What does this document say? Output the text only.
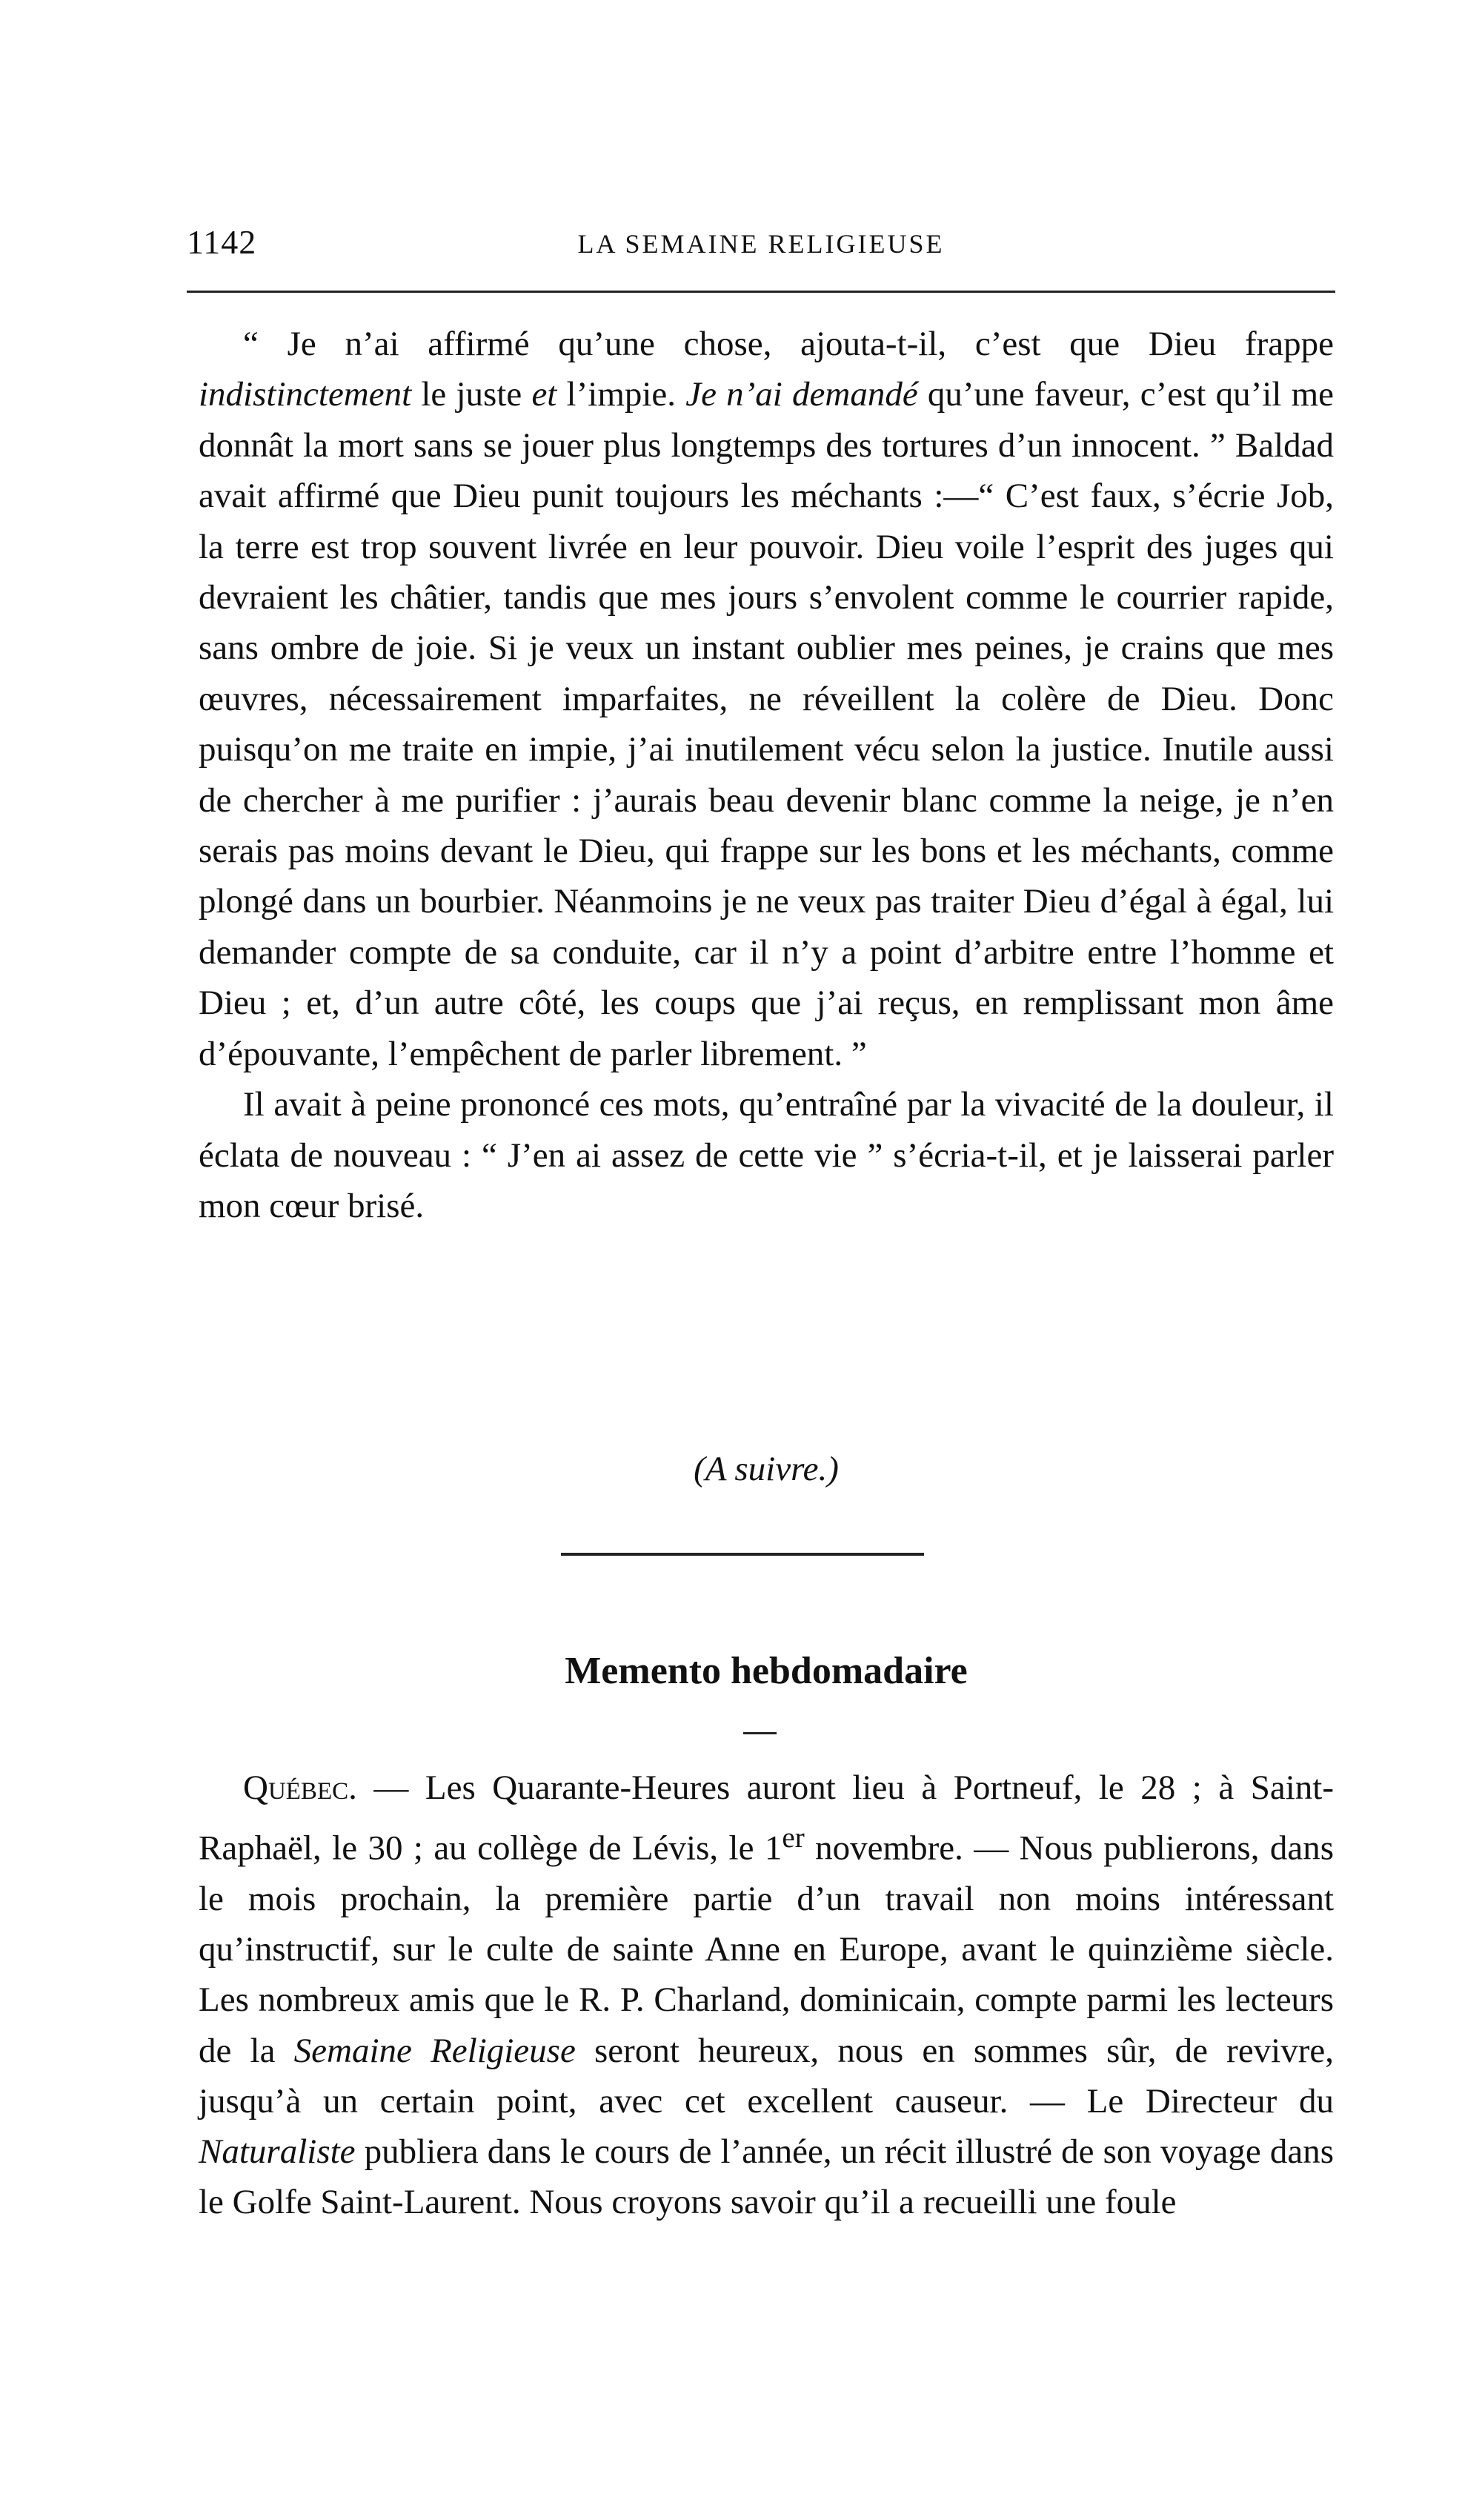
1142	LA SEMAINE RELIGIEUSE

“ Je n’ai affirmé qu’une chose, ajouta-t-il, c’est que Dieu frappe indistinctement le juste et l’impie. Je n’ai demandé qu’une faveur, c’est qu’il me donnât la mort sans se jouer plus longtemps des tortures d’un innocent. ” Baldad avait affirmé que Dieu punit toujours les méchants :—“ C’est faux, s’écrie Job, la terre est trop souvent livrée en leur pouvoir. Dieu voile l’esprit des juges qui devraient les châtier, tandis que mes jours s’envolent comme le courrier rapide, sans ombre de joie. Si je veux un instant oublier mes peines, je crains que mes œuvres, nécessairement imparfaites, ne réveillent la colère de Dieu. Donc puisqu’on me traite en impie, j’ai inutilement vécu selon la justice. Inutile aussi de chercher à me purifier : j’aurais beau devenir blanc comme la neige, je n’en serais pas moins devant le Dieu, qui frappe sur les bons et les méchants, comme plongé dans un bourbier. Néanmoins je ne veux pas traiter Dieu d’égal à égal, lui demander compte de sa conduite, car il n’y a point d’arbitre entre l’homme et Dieu ; et, d’un autre côté, les coups que j’ai reçus, en remplissant mon âme d’épouvante, l’empêchent de parler librement. ”

Il avait à peine prononcé ces mots, qu’entraîné par la vivacité de la douleur, il éclata de nouveau : “ J’en ai assez de cette vie ” s’écria-t-il, et je laisserai parler mon cœur brisé.

(A suivre.)
Memento hebdomadaire

Québec. — Les Quarante-Heures auront lieu à Portneuf, le 28 ; à Saint-Raphaël, le 30 ; au collège de Lévis, le 1er novembre. — Nous publierons, dans le mois prochain, la première partie d’un travail non moins intéressant qu’instructif, sur le culte de sainte Anne en Europe, avant le quinzième siècle. Les nombreux amis que le R. P. Charland, dominicain, compte parmi les lecteurs de la Semaine Religieuse seront heureux, nous en sommes sûr, de revivre, jusqu’à un certain point, avec cet excellent causeur. — Le Directeur du Naturaliste publiera dans le cours de l’année, un récit illustré de son voyage dans le Golfe Saint-Laurent. Nous croyons savoir qu’il a recueilli une foule
